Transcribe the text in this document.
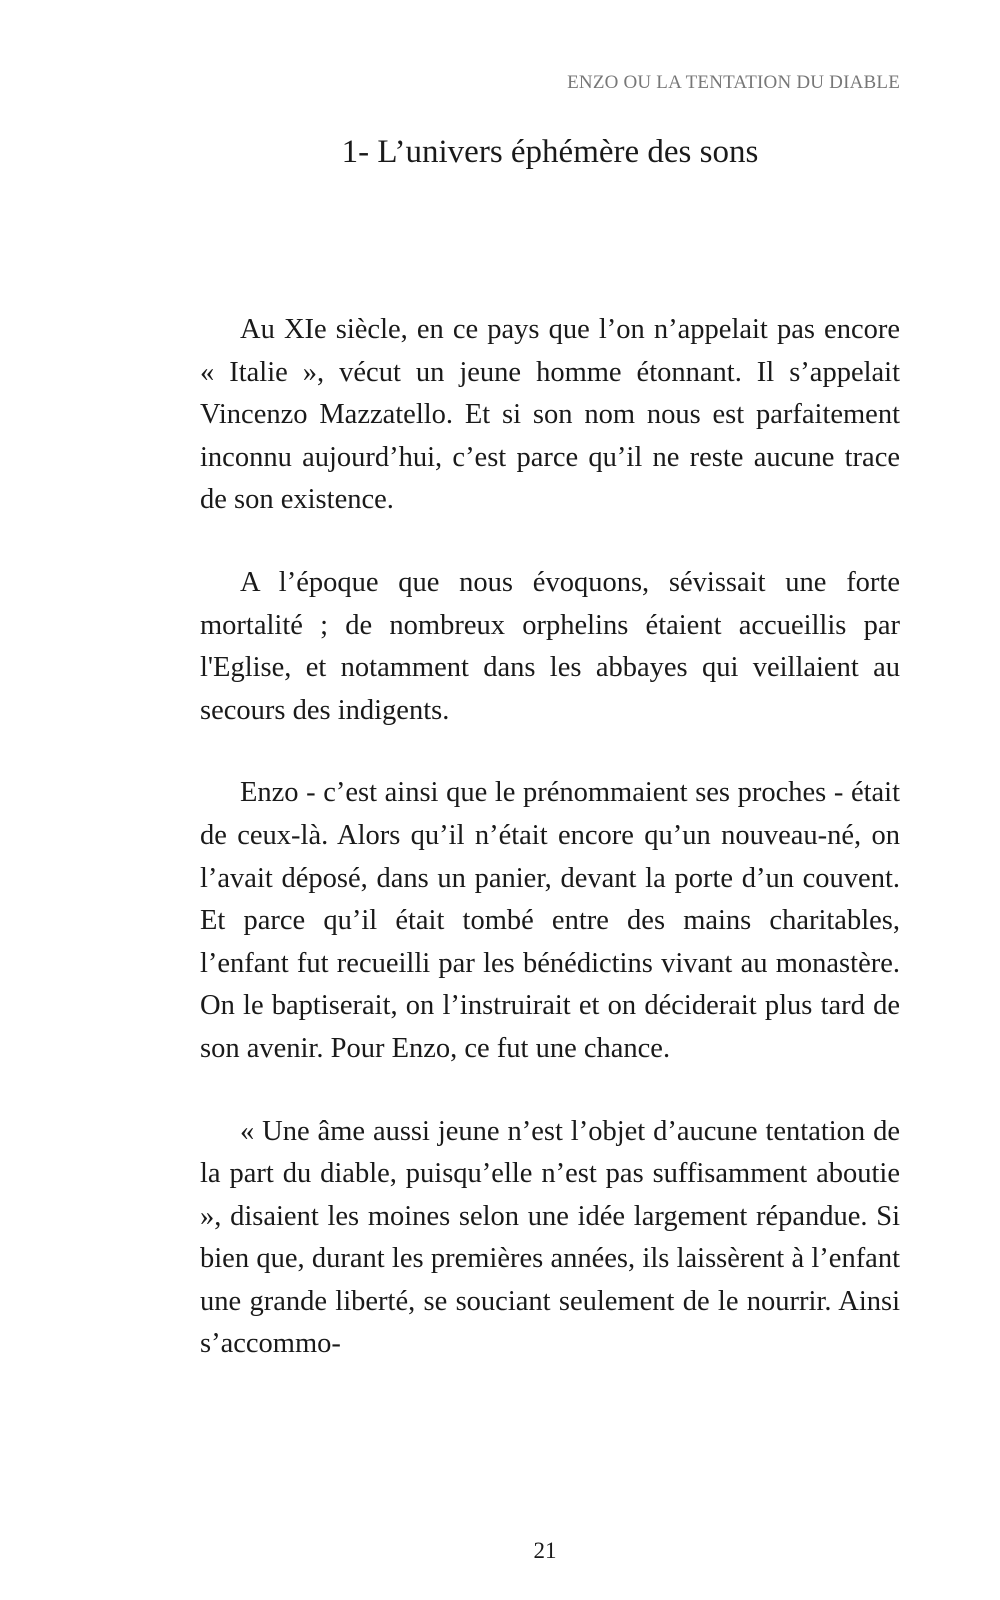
ENZO OU LA TENTATION DU DIABLE
1- L’univers éphémère des sons

Au XIe siècle, en ce pays que l’on n’appelait pas encore « Italie », vécut un jeune homme étonnant. Il s’appelait Vincenzo Mazzatello. Et si son nom nous est parfaitement inconnu aujourd’hui, c’est parce qu’il ne reste aucune trace de son existence.

A l’époque que nous évoquons, sévissait une forte mortalité ; de nombreux orphelins étaient accueillis par l'Eglise, et notamment dans les abbayes qui veillaient au secours des indigents.

Enzo - c’est ainsi que le prénommaient ses proches - était de ceux-là. Alors qu’il n’était encore qu’un nouveau-né, on l’avait déposé, dans un panier, devant la porte d’un couvent. Et parce qu’il était tombé entre des mains charitables, l’enfant fut recueilli par les bénédictins vivant au monastère. On le baptiserait, on l’instruirait et on déciderait plus tard de son avenir. Pour Enzo, ce fut une chance.

« Une âme aussi jeune n’est l’objet d’aucune tentation de la part du diable, puisqu’elle n’est pas suffisamment aboutie », disaient les moines selon une idée largement répandue. Si bien que, durant les premières années, ils laissèrent à l’enfant une grande liberté, se souciant seulement de le nourrir. Ainsi s’accommo-

21
